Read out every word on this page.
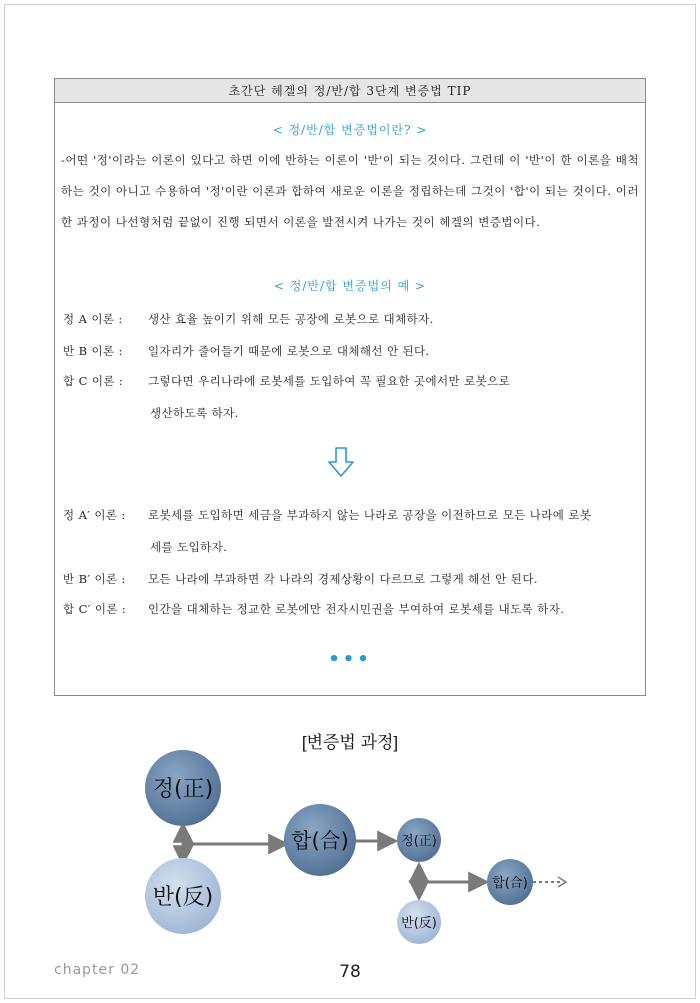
초간단 헤겔의 정/반/합 3단계 변증법 TIP
< 정/반/합 변증법이란? >
-어떤 '정'이라는 이론이 있다고 하면 이에 반하는 이론이 '반'이 되는 것이다. 그런데 이 '반'이 한 이론을 배척하는 것이 아니고 수용하여 '정'이란 이론과 합하여 새로운 이론을 정립하는데 그것이 '합'이 되는 것이다. 이러한 과정이 나선형처럼 끝없이 진행 되면서 이론을 발전시켜 나가는 것이 헤겔의 변증법이다.
< 정/반/합 변증법의 예 >
정 A 이론 : 생산 효율 높이기 위해 모든 공장에 로봇으로 대체하자.
반 B 이론 : 일자리가 줄어들기 때문에 로봇으로 대체해선 안 된다.
합 C 이론 : 그렇다면 우리나라에 로봇세를 도입하여 꼭 필요한 곳에서만 로봇으로
생산하도록 하자.
정 A′ 이론 : 로봇세를 도입하면 세금을 부과하지 않는 나라로 공장을 이전하므로 모든 나라에 로봇
세를 도입하자.
반 B′ 이론 : 모든 나라에 부과하면 각 나라의 경제상황이 다르므로 그렇게 해선 안 된다.
합 C′ 이론 : 인간을 대체하는 정교한 로봇에만 전자시민권을 부여하여 로봇세를 내도록 하자.
•••
[변증법 과정]
정(正)
반(反)
합(合)	정(正)
반(反)
합(合)
chapter 02	78
